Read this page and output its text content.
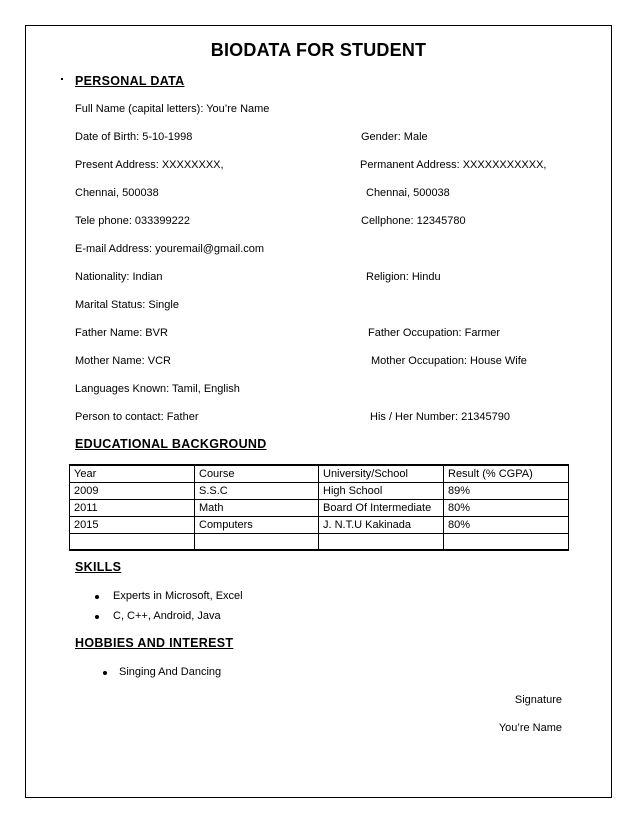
BIODATA FOR STUDENT
PERSONAL DATA
Full Name (capital letters): You’re Name
Date of Birth: 5-10-1998	Gender: Male
Present Address: XXXXXXXX,	Permanent Address: XXXXXXXXXXX,
Chennai, 500038	Chennai, 500038
Tele phone: 033399222	Cellphone: 12345780
E-mail Address: youremail@gmail.com
Nationality: Indian	Religion: Hindu
Marital Status: Single
Father Name: BVR	Father Occupation: Farmer
Mother Name: VCR	Mother Occupation: House Wife
Languages Known: Tamil, English
Person to contact: Father	His / Her Number: 21345790
EDUCATIONAL BACKGROUND
Year	Course	University/School	Result (% CGPA)
2009	S.S.C	High School	89%
2011	Math	Board Of Intermediate	80%
2015	Computers	J. N.T.U Kakinada	80%

SKILLS
Experts in Microsoft, Excel
C, C++, Android, Java
HOBBIES AND INTEREST
Singing And Dancing
Signature
You’re Name
